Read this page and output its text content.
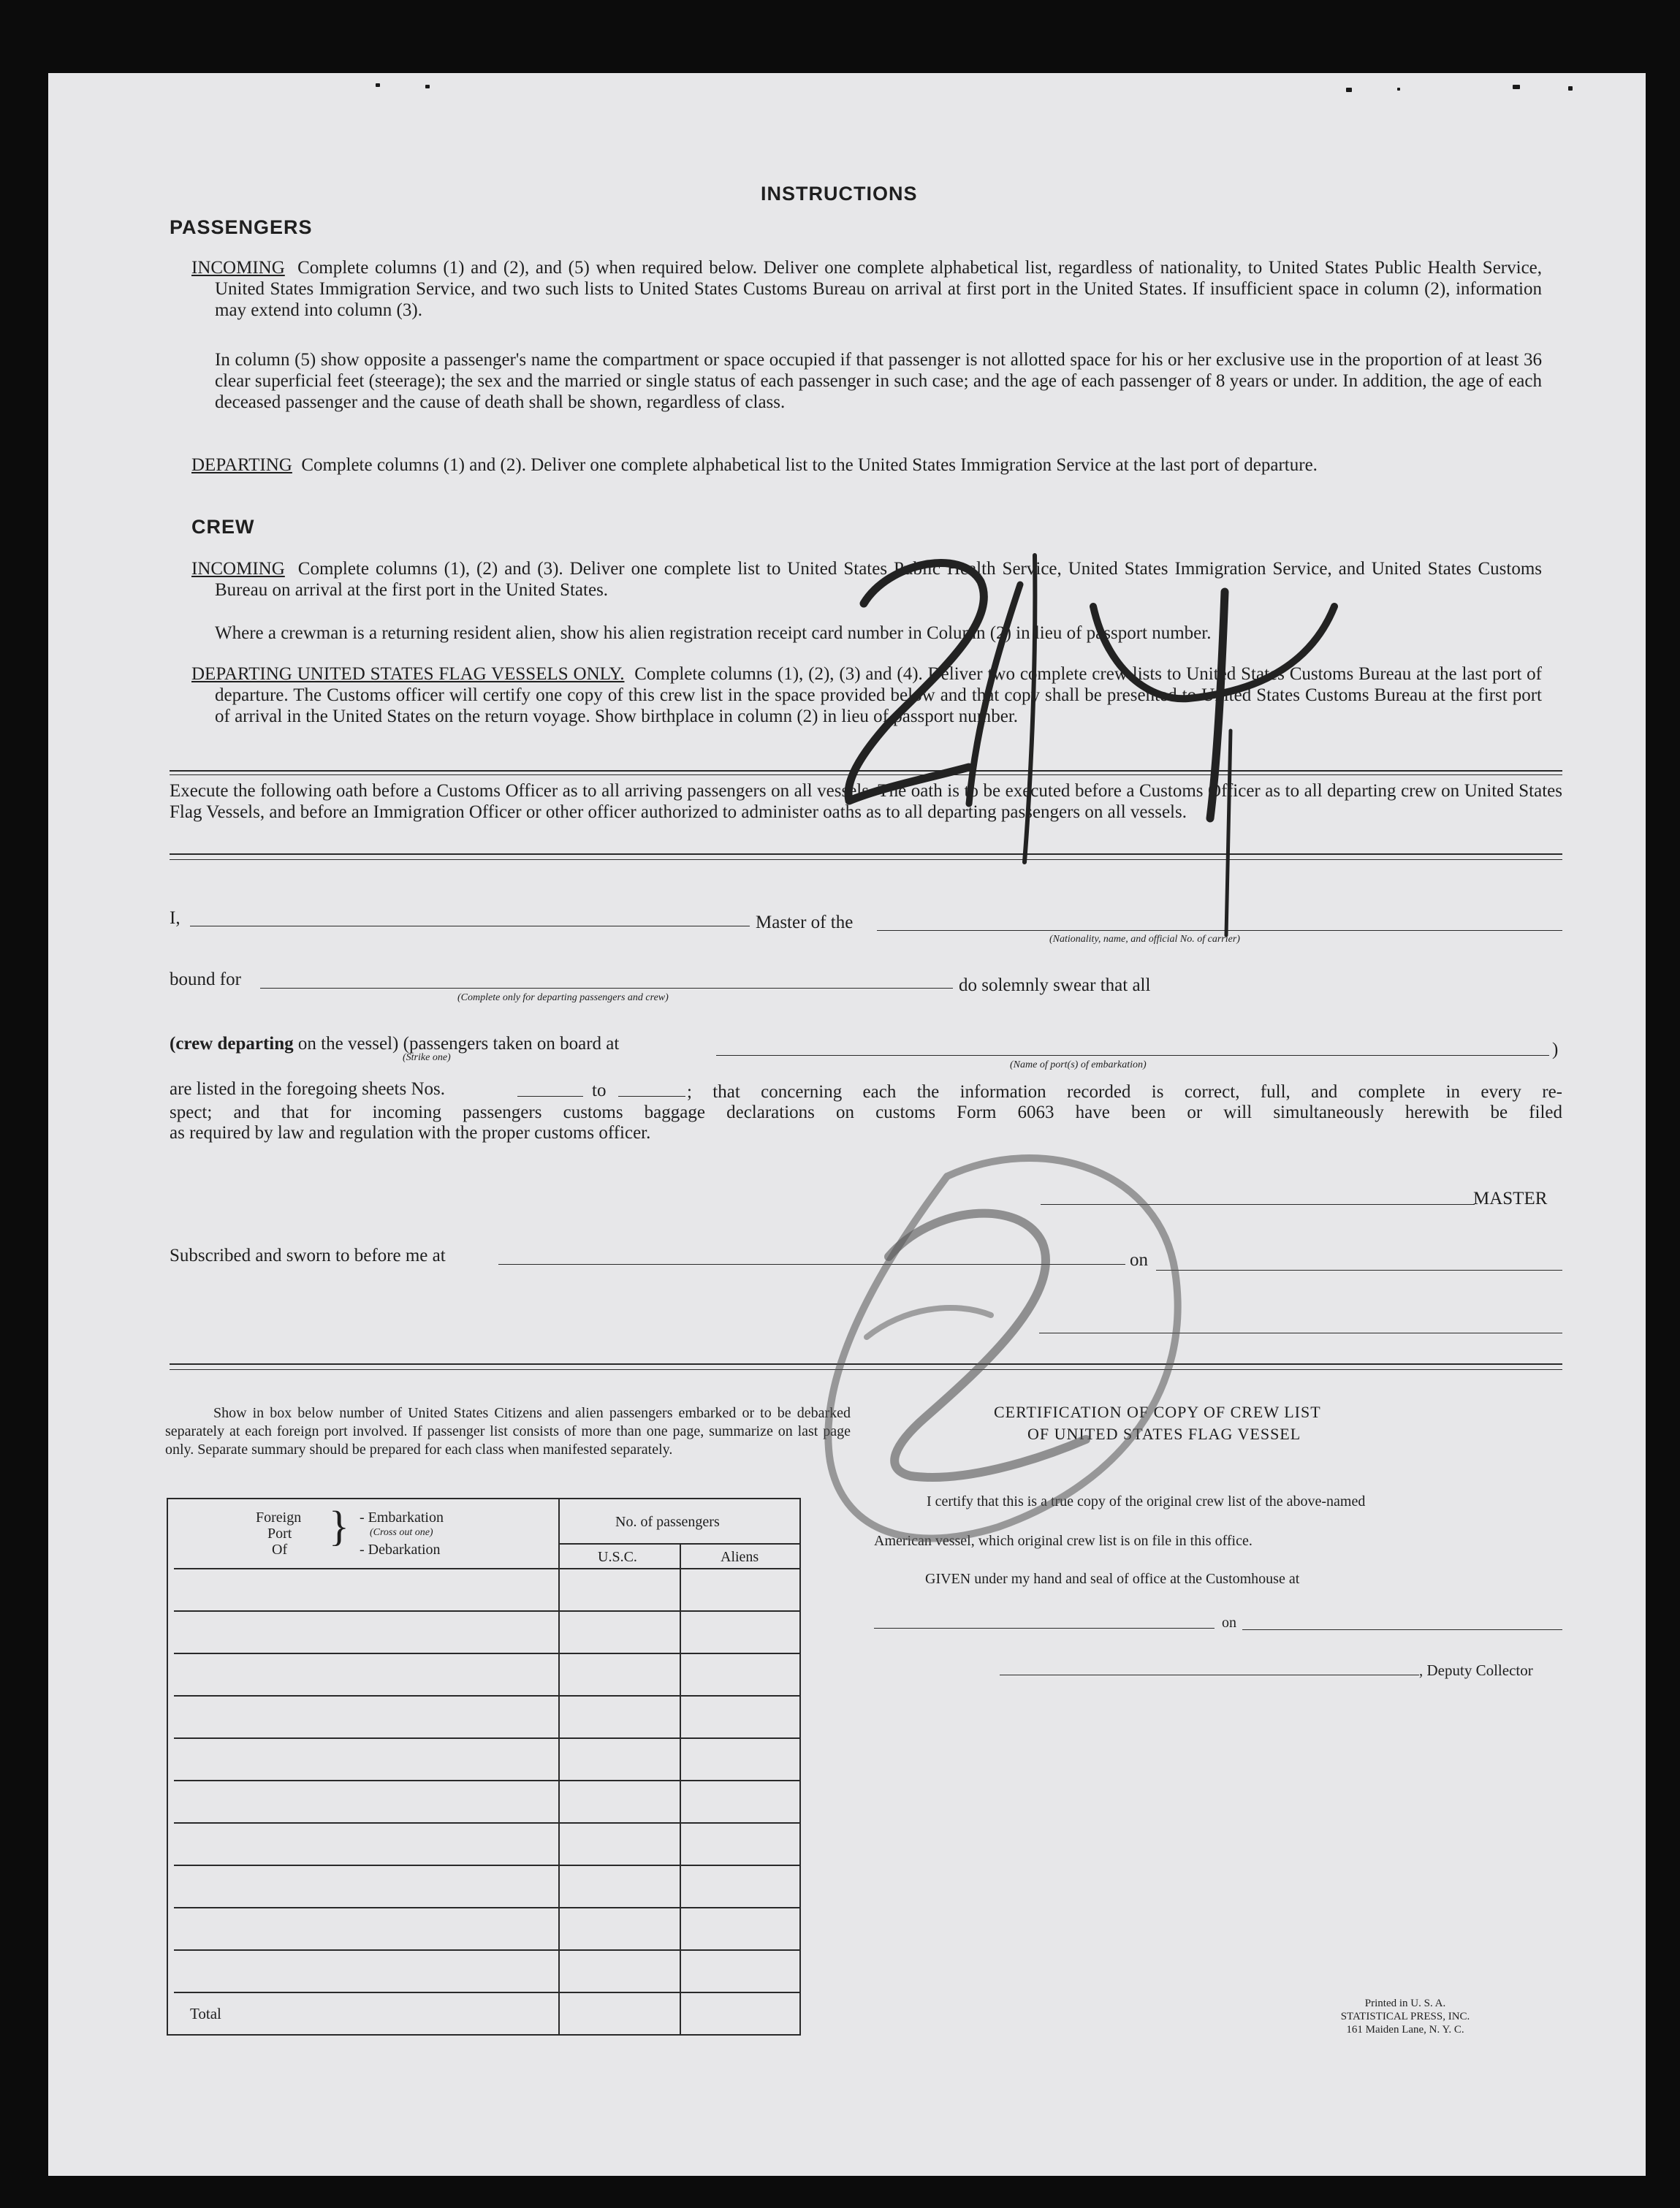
INSTRUCTIONS
PASSENGERS
INCOMING Complete columns (1) and (2), and (5) when required below. Deliver one complete alphabetical list, regardless of nationality, to United States Public Health Service, United States Immigration Service, and two such lists to United States Customs Bureau on arrival at first port in the United States. If insufficient space in column (2), information may extend into column (3).
In column (5) show opposite a passenger's name the compartment or space occupied if that passenger is not allotted space for his or her exclusive use in the proportion of at least 36 clear superficial feet (steerage); the sex and the married or single status of each passenger in such case; and the age of each passenger of 8 years or under. In addition, the age of each deceased passenger and the cause of death shall be shown, regardless of class.
DEPARTING Complete columns (1) and (2). Deliver one complete alphabetical list to the United States Immigration Service at the last port of departure.
CREW
INCOMING Complete columns (1), (2) and (3). Deliver one complete list to United States Public Health Service, United States Immigration Service, and United States Customs Bureau on arrival at the first port in the United States.
Where a crewman is a returning resident alien, show his alien registration receipt card number in Column (2) in lieu of passport number.
DEPARTING UNITED STATES FLAG VESSELS ONLY. Complete columns (1), (2), (3) and (4). Deliver two complete crew lists to United States Customs Bureau at the last port of departure. The Customs officer will certify one copy of this crew list in the space provided below and that copy shall be presented to United States Customs Bureau at the first port of arrival in the United States on the return voyage. Show birthplace in column (2) in lieu of passport number.
Execute the following oath before a Customs Officer as to all arriving passengers on all vessels. The oath is to be executed before a Customs Officer as to all departing crew on United States Flag Vessels, and before an Immigration Officer or other officer authorized to administer oaths as to all departing passengers on all vessels.
I,	Master of the
(Nationality, name, and official No. of carrier)
bound for
(Complete only for departing passengers and crew)
do solemnly swear that all
(crew departing on the vessel) (passengers taken on board at
(Strike one)	)
(Name of port(s) of embarkation)
are listed in the foregoing sheets Nos.	to	; that concerning each the information recorded is correct, full, and complete in every re-
spect; and that for incoming passengers customs baggage declarations on customs Form 6063 have been or will simultaneously herewith be filed
as required by law and regulation with the proper customs officer.
MASTER
Subscribed and sworn to before me at	on
Show in box below number of United States Citizens and alien passengers embarked or to be debarked separately at each foreign port involved. If passenger list consists of more than one page, summarize on last page only. Separate summary should be prepared for each class when manifested separately.
Foreign
Port
Of } - Embarkation
(Cross out one)
- Debarkation
No. of passengers
U.S.C.	Aliens
Total
CERTIFICATION OF COPY OF CREW LIST
OF UNITED STATES FLAG VESSEL
I certify that this is a true copy of the original crew list of the above-named
American vessel, which original crew list is on file in this office.
GIVEN under my hand and seal of office at the Customhouse at
on
, Deputy Collector
Printed in U. S. A.
STATISTICAL PRESS, INC.
161 Maiden Lane, N. Y. C.
